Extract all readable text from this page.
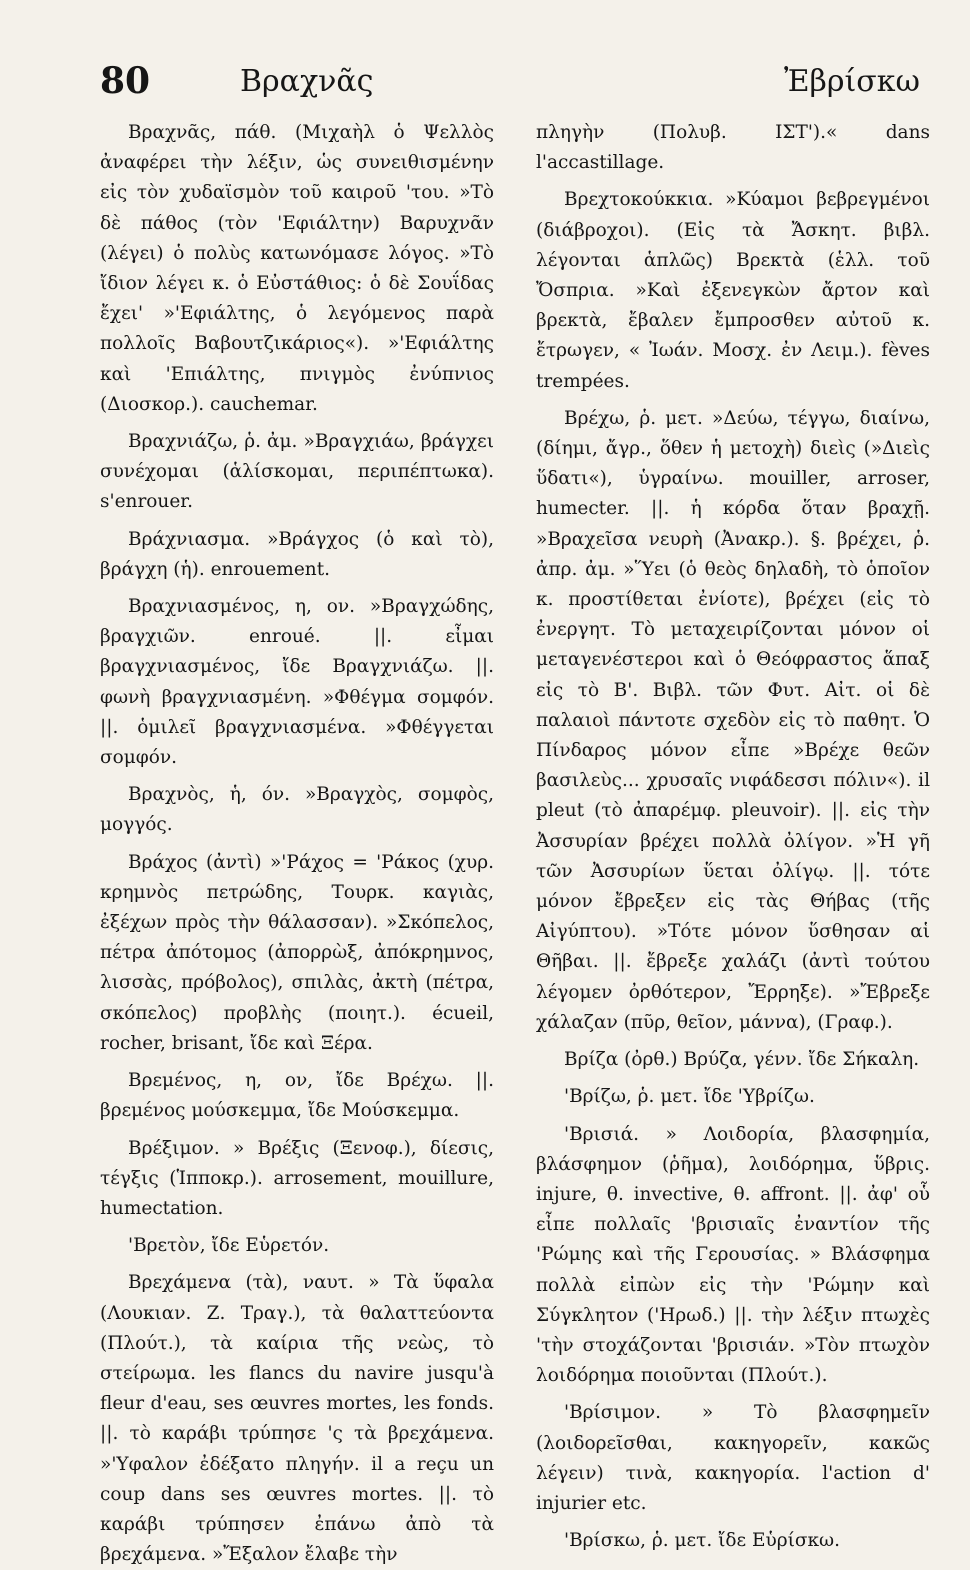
80	Βραχνᾶς	Ἐβρίσκω

Βραχνᾶς, πάθ. (Μιχαὴλ ὁ Ψελλὸς ἀναφέρει τὴν λέξιν, ὡς συνειθισμένην εἰς τὸν χυδαϊσμὸν τοῦ καιροῦ 'του. »Τὸ δὲ πάθος (τὸν 'Εφιάλτην) Βαρυχνᾶν (λέγει) ὁ πολὺς κατωνόμασε λόγος. »Τὸ ἴδιον λέγει κ. ὁ Εὐστάθιος: ὁ δὲ Σουΐδας ἔχει' »'Εφιάλτης, ὁ λεγόμενος παρὰ πολλοῖς Βαβουτζικάριος«). »'Εφιάλτης καὶ 'Επιάλτης, πνιγμὸς ἐνύπνιος (Διοσκορ.). cauchemar.

Βραχνιάζω, ῥ. ἀμ. »Βραγχιάω, βράγχει συνέχομαι (ἁλίσκομαι, περιπέπτωκα). s'enrouer.

Βράχνιασμα. »Βράγχος (ὁ καὶ τὸ), βράγχη (ἡ). enrouement.

Βραχνιασμένος, η, ον. »Βραγχώδης, βραγχιῶν. enroué. ||. εἶμαι βραγχνιασμένος, ἴδε Βραγχνιάζω. ||. φωνὴ βραγχνιασμένη. »Φθέγμα σομφόν. ||. ὁμιλεῖ βραγχνιασμένα. »Φθέγγεται σομφόν.

Βραχνὸς, ἡ, όν. »Βραγχὸς, σομφὸς, μογγός.

Βράχος (ἀντὶ) »'Ράχος = 'Ράκος (χυρ. κρημνὸς πετρώδης, Τουρκ. καγιὰς, ἐξέχων πρὸς τὴν θάλασσαν). »Σκόπελος, πέτρα ἀπότομος (ἀπορρὼξ, ἀπόκρημνος, λισσὰς, πρόβολος), σπιλὰς, ἀκτὴ (πέτρα, σκόπελος) προβλὴς (ποιητ.). écueil, rocher, brisant, ἴδε καὶ Ξέρα.

Βρεμένος, η, ον, ἴδε Βρέχω. ||. βρεμένος μούσκεμμα, ἴδε Μούσκεμμα.

Βρέξιμον. » Βρέξις (Ξενοφ.), δίεσις, τέγξις (Ἱπποκρ.). arrosement, mouillure, humectation.

'Βρετὸν, ἴδε Εὑρετόν.

Βρεχάμενα (τὰ), ναυτ. » Τὰ ὕφαλα (Λουκιαν. Ζ. Τραγ.), τὰ θαλαττεύοντα (Πλούτ.), τὰ καίρια τῆς νεὼς, τὸ στείρωμα. les flancs du navire jusqu'à fleur d'eau, ses œuvres mortes, les fonds. ||. τὸ καράβι τρύπησε 'ς τὰ βρεχάμενα. »'Υφαλον ἐδέξατο πληγήν. il a reçu un coup dans ses œuvres mortes. ||. τὸ καράβι τρύπησεν ἐπάνω ἀπὸ τὰ βρεχάμενα. »Ἔξαλον ἔλαβε τὴν

πληγὴν (Πολυβ. ΙΣΤ').« dans l'accastillage.

Βρεχτοκούκκια. »Κύαμοι βεβρεγμένοι (διάβροχοι). (Εἰς τὰ Ἄσκητ. βιβλ. λέγονται ἁπλῶς) Βρεκτὰ (ἑλλ. τοῦ Ὄσπρια. »Καὶ ἐξενεγκὼν ἄρτον καὶ βρεκτὰ, ἔβαλεν ἔμπροσθεν αὐτοῦ κ. ἔτρωγεν, « Ἰωάν. Μοσχ. ἐν Λειμ.). fèves trempées.

Βρέχω, ῥ. μετ. »Δεύω, τέγγω, διαίνω, (δίημι, ἄγρ., ὅθεν ἡ μετοχὴ) διεὶς (»Διεὶς ὕδατι«), ὑγραίνω. mouiller, arroser, humecter. ||. ἡ κόρδα ὅταν βραχῇ. »Βραχεῖσα νευρὴ (Ἀνακρ.). §. βρέχει, ῥ. ἀπρ. ἀμ. »Ὕει (ὁ θεὸς δηλαδὴ, τὸ ὁποῖον κ. προστίθεται ἐνίοτε), βρέχει (εἰς τὸ ἐνεργητ. Τὸ μεταχειρίζονται μόνον οἱ μεταγενέστεροι καὶ ὁ Θεόφραστος ἅπαξ εἰς τὸ Β'. Βιβλ. τῶν Φυτ. Αἰτ. οἱ δὲ παλαιοὶ πάντοτε σχεδὸν εἰς τὸ παθητ. Ὁ Πίνδαρος μόνον εἶπε »Βρέχε θεῶν βασιλεὺς... χρυσαῖς νιφάδεσσι πόλιν«). il pleut (τὸ ἀπαρέμφ. pleuvoir). ||. εἰς τὴν Ἀσσυρίαν βρέχει πολλὰ ὀλίγον. »Ἡ γῆ τῶν Ἀσσυρίων ὕεται ὀλίγῳ. ||. τότε μόνον ἔβρεξεν εἰς τὰς Θήβας (τῆς Αἰγύπτου). »Τότε μόνον ὕσθησαν αἱ Θῆβαι. ||. ἔβρεξε χαλάζι (ἀντὶ τούτου λέγομεν ὀρθότερον, Ἔρρηξε). »Ἔβρεξε χάλαζαν (πῦρ, θεῖον, μάννα), (Γραφ.).

Βρίζα (ὀρθ.) Βρύζα, γένν. ἴδε Σήκαλη.

'Βρίζω, ῥ. μετ. ἴδε 'Υβρίζω.

'Βρισιά. » Λοιδορία, βλασφημία, βλάσφημον (ῥῆμα), λοιδόρημα, ὕβρις. injure, θ. invective, θ. affront. ||. ἀφ' οὗ εἶπε πολλαῖς 'βρισιαῖς ἐναντίον τῆς 'Ρώμης καὶ τῆς Γερουσίας. » Βλάσφημα πολλὰ εἰπὼν εἰς τὴν 'Ρώμην καὶ Σύγκλητον ('Ηρωδ.) ||. τὴν λέξιν πτωχὲς 'τὴν στοχάζονται 'βρισιάν. »Τὸν πτωχὸν λοιδόρημα ποιοῦνται (Πλούτ.).

'Βρίσιμον. » Τὸ βλασφημεῖν (λοιδορεῖσθαι, κακηγορεῖν, κακῶς λέγειν) τινὰ, κακηγορία. l'action d' injurier etc.

'Βρίσκω, ῥ. μετ. ἴδε Εὑρίσκω.
